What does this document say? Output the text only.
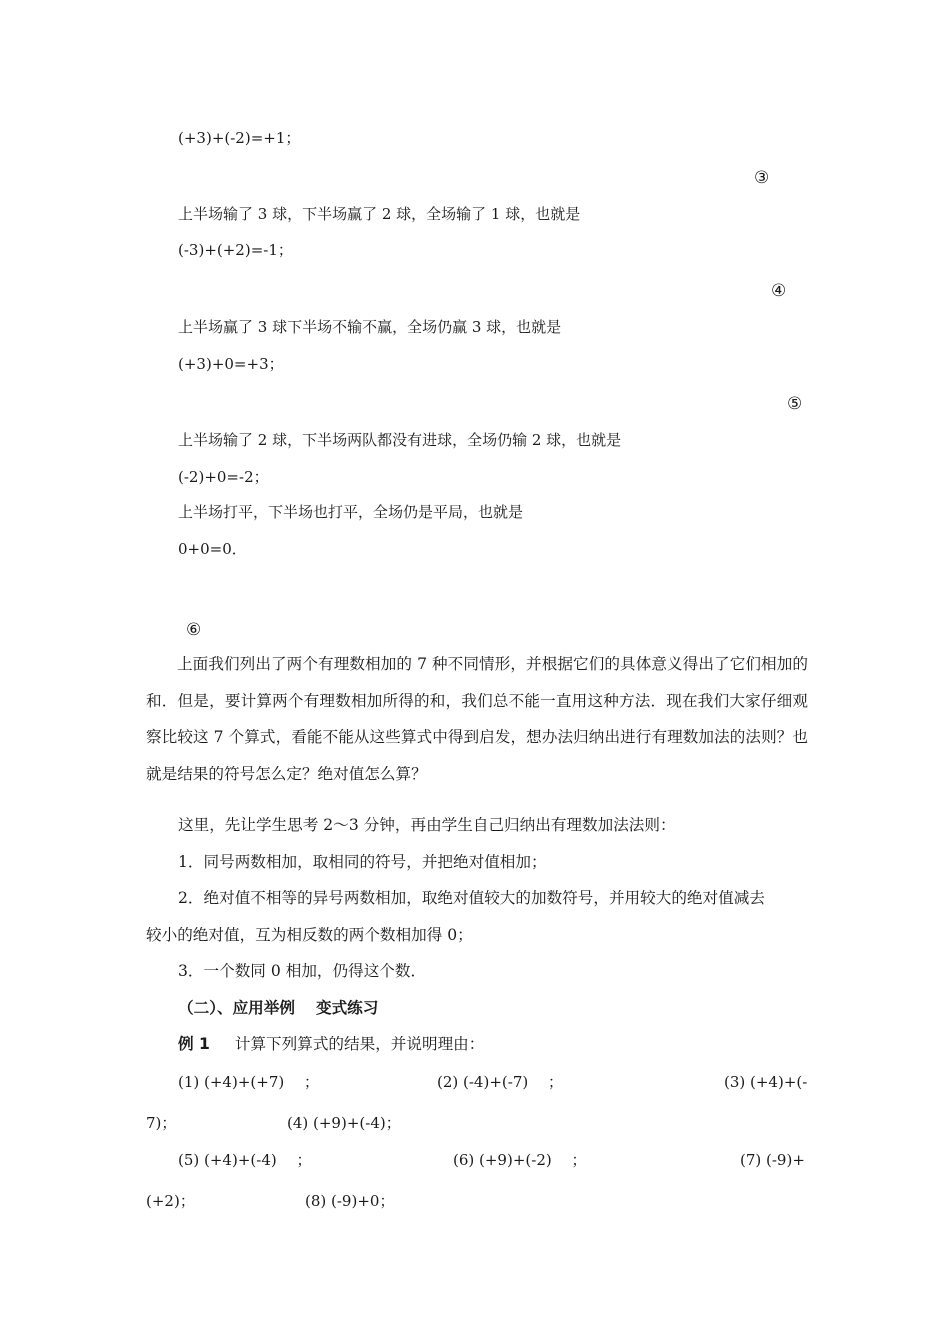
(+3)+(-2)=+1；
③
上半场输了 3 球，下半场赢了 2 球，全场输了 1 球，也就是
(-3)+(+2)=-1；
④
上半场赢了 3 球下半场不输不赢，全场仍赢 3 球，也就是
(+3)+0=+3；
⑤
上半场输了 2 球，下半场两队都没有进球，全场仍输 2 球，也就是
(-2)+0=-2；
上半场打平，下半场也打平，全场仍是平局，也就是
0+0=0．
⑥
上面我们列出了两个有理数相加的 7 种不同情形，并根据它们的具体意义得出了它们相加的和．但是，要计算两个有理数相加所得的和，我们总不能一直用这种方法．现在我们大家仔细观察比较这 7 个算式，看能不能从这些算式中得到启发，想办法归纳出进行有理数加法的法则？也就是结果的符号怎么定？绝对值怎么算？
这里，先让学生思考 2～3 分钟，再由学生自己归纳出有理数加法法则：
1．同号两数相加，取相同的符号，并把绝对值相加；
2．绝对值不相等的异号两数相加，取绝对值较大的加数符号，并用较大的绝对值减去
较小的绝对值，互为相反数的两个数相加得 0；
3．一个数同 0 相加，仍得这个数．
（二）、应用举例　 变式练习
例 1 计算下列算式的结果，并说明理由：
(1) (+4)+(+7)　 ；	(2) (-4)+(-7)　 ；	(3) (+4)+(-
7)；	(4) (+9)+(-4)；
(5) (+4)+(-4)　 ；	(6) (+9)+(-2)　 ；	(7) (-9)+
(+2)；	(8) (-9)+0；
